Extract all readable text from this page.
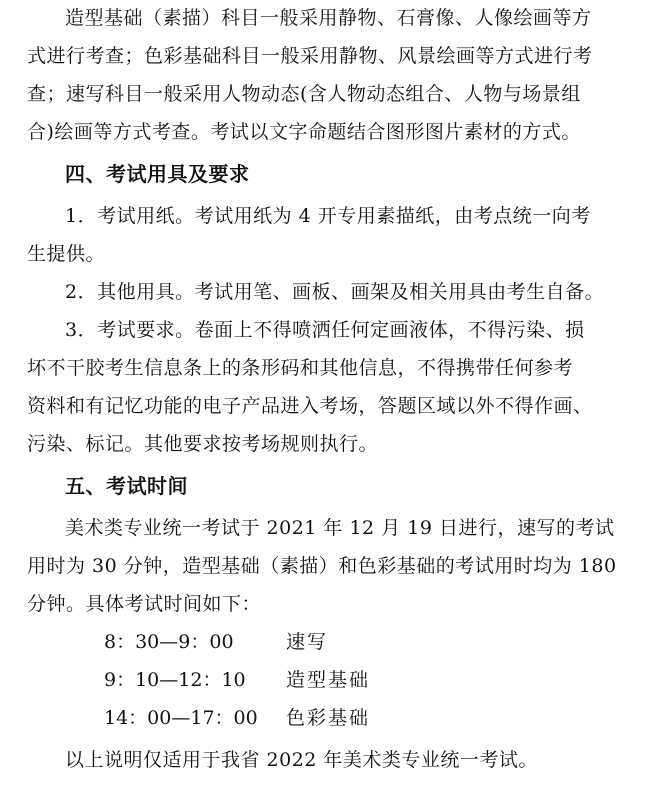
造型基础（素描）科目一般采用静物、石膏像、人像绘画等方
式进行考查；色彩基础科目一般采用静物、风景绘画等方式进行考
查；速写科目一般采用人物动态(含人物动态组合、人物与场景组
合)绘画等方式考查。考试以文字命题结合图形图片素材的方式。
四、考试用具及要求
1．考试用纸。考试用纸为 4 开专用素描纸，由考点统一向考
生提供。
2．其他用具。考试用笔、画板、画架及相关用具由考生自备。
3．考试要求。卷面上不得喷洒任何定画液体，不得污染、损
坏不干胶考生信息条上的条形码和其他信息，不得携带任何参考
资料和有记忆功能的电子产品进入考场，答题区域以外不得作画、
污染、标记。其他要求按考场规则执行。
五、考试时间
美术类专业统一考试于 2021 年 12 月 19 日进行，速写的考试
用时为 30 分钟，造型基础（素描）和色彩基础的考试用时均为 180
分钟。具体考试时间如下：
8：30—9：00	速写
9：10—12：10 造型基础
14：00—17：00 色彩基础
以上说明仅适用于我省 2022 年美术类专业统一考试。
